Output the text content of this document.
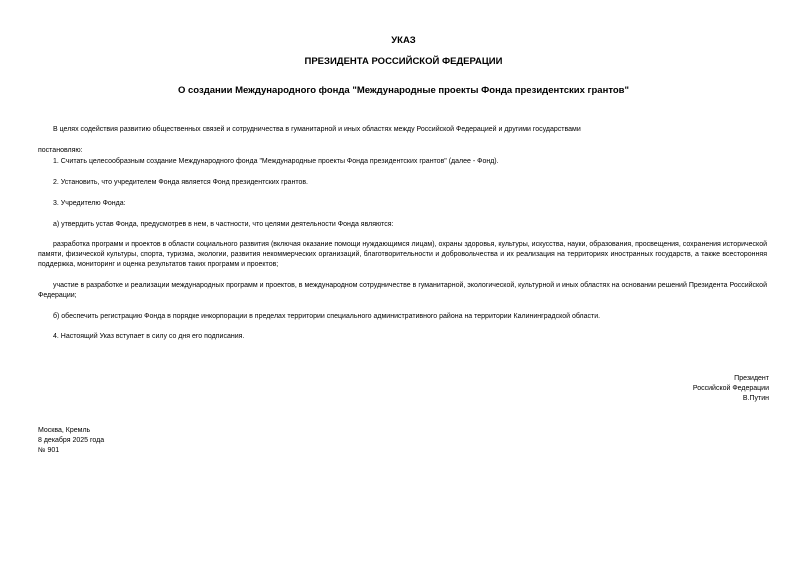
УКАЗ
ПРЕЗИДЕНТА РОССИЙСКОЙ ФЕДЕРАЦИИ
О создании Международного фонда "Международные проекты Фонда президентских грантов"

В целях содействия развитию общественных связей и сотрудничества в гуманитарной и иных областях между Российской Федерацией и другими государствами

постановляю:

1. Считать целесообразным создание Международного фонда "Международные проекты Фонда президентских грантов" (далее - Фонд).

2. Установить, что учредителем Фонда является Фонд президентских грантов.

3. Учредителю Фонда:

а) утвердить устав Фонда, предусмотрев в нем, в частности, что целями деятельности Фонда являются:

разработка программ и проектов в области социального развития (включая оказание помощи нуждающимся лицам), охраны здоровья, культуры, искусства, науки, образования, просвещения, сохранения исторической памяти, физической культуры, спорта, туризма, экологии, развития некоммерческих организаций, благотворительности и добровольчества и их реализация на территориях иностранных государств, а также всесторонняя поддержка, мониторинг и оценка результатов таких программ и проектов;

участие в разработке и реализации международных программ и проектов, в международном сотрудничестве в гуманитарной, экологической, культурной и иных областях на основании решений Президента Российской Федерации;

б) обеспечить регистрацию Фонда в порядке инкорпорации в пределах территории специального административного района на территории Калининградской области.

4. Настоящий Указ вступает в силу со дня его подписания.

Президент
Российской Федерации
В.Путин
Москва, Кремль
8 декабря 2025 года
№ 901
